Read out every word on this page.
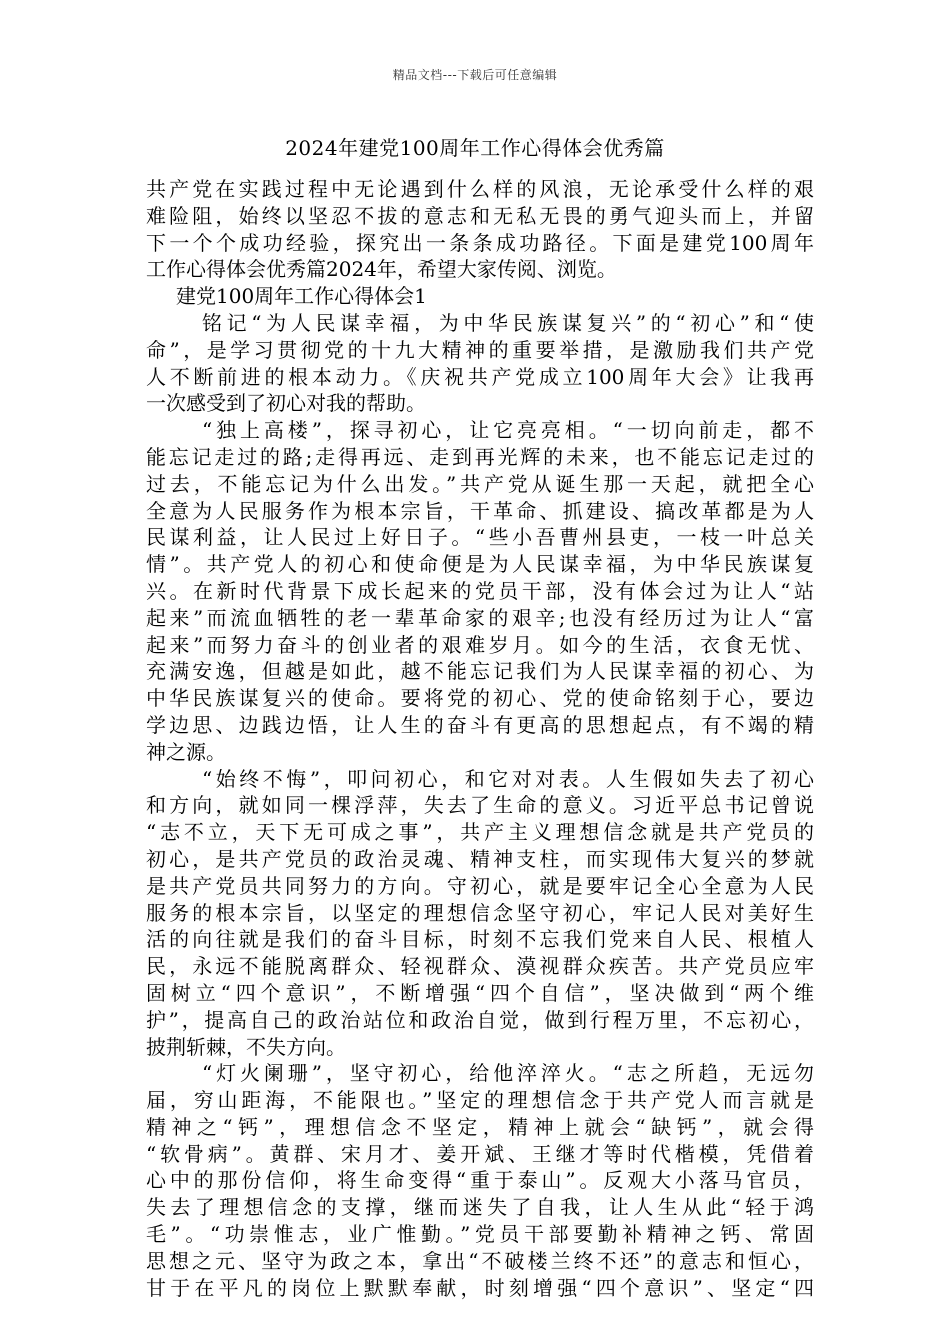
精品文档---下载后可任意编辑
2024年建党100周年工作心得体会优秀篇
共产党在实践过程中无论遇到什么样的风浪，无论承受什么样的艰
难险阻，始终以坚忍不拔的意志和无私无畏的勇气迎头而上，并留
下一个个成功经验，探究出一条条成功路径。下面是建党100周年
工作心得体会优秀篇2024年，希望大家传阅、浏览。
建党100周年工作心得体会1
铭记“为人民谋幸福，为中华民族谋复兴”的“初心”和“使
命”，是学习贯彻党的十九大精神的重要举措，是激励我们共产党
人不断前进的根本动力。《庆祝共产党成立100周年大会》让我再
一次感受到了初心对我的帮助。
“独上高楼”，探寻初心，让它亮亮相。“一切向前走，都不
能忘记走过的路;走得再远、走到再光辉的未来，也不能忘记走过的
过去，不能忘记为什么出发。”共产党从诞生那一天起，就把全心
全意为人民服务作为根本宗旨，干革命、抓建设、搞改革都是为人
民谋利益，让人民过上好日子。“些小吾曹州县吏，一枝一叶总关
情”。共产党人的初心和使命便是为人民谋幸福，为中华民族谋复
兴。在新时代背景下成长起来的党员干部，没有体会过为让人“站
起来”而流血牺牲的老一辈革命家的艰辛;也没有经历过为让人“富
起来”而努力奋斗的创业者的艰难岁月。如今的生活，衣食无忧、
充满安逸，但越是如此，越不能忘记我们为人民谋幸福的初心、为
中华民族谋复兴的使命。要将党的初心、党的使命铭刻于心，要边
学边思、边践边悟，让人生的奋斗有更高的思想起点，有不竭的精
神之源。
“始终不悔”，叩问初心，和它对对表。人生假如失去了初心
和方向，就如同一棵浮萍，失去了生命的意义。习近平总书记曾说
“志不立，天下无可成之事”，共产主义理想信念就是共产党员的
初心，是共产党员的政治灵魂、精神支柱，而实现伟大复兴的梦就
是共产党员共同努力的方向。守初心，就是要牢记全心全意为人民
服务的根本宗旨，以坚定的理想信念坚守初心，牢记人民对美好生
活的向往就是我们的奋斗目标，时刻不忘我们党来自人民、根植人
民，永远不能脱离群众、轻视群众、漠视群众疾苦。共产党员应牢
固树立“四个意识”，不断增强“四个自信”，坚决做到“两个维
护”，提高自己的政治站位和政治自觉，做到行程万里，不忘初心，
披荆斩棘，不失方向。
“灯火阑珊”，坚守初心，给他淬淬火。“志之所趋，无远勿
届，穷山距海，不能限也。”坚定的理想信念于共产党人而言就是
精神之“钙”，理想信念不坚定，精神上就会“缺钙”，就会得
“软骨病”。黄群、宋月才、姜开斌、王继才等时代楷模，凭借着
心中的那份信仰，将生命变得“重于泰山”。反观大小落马官员，
失去了理想信念的支撑，继而迷失了自我，让人生从此“轻于鸿
毛”。“功崇惟志，业广惟勤。”党员干部要勤补精神之钙、常固
思想之元、坚守为政之本，拿出“不破楼兰终不还”的意志和恒心，
甘于在平凡的岗位上默默奉献，时刻增强“四个意识”、坚定“四
